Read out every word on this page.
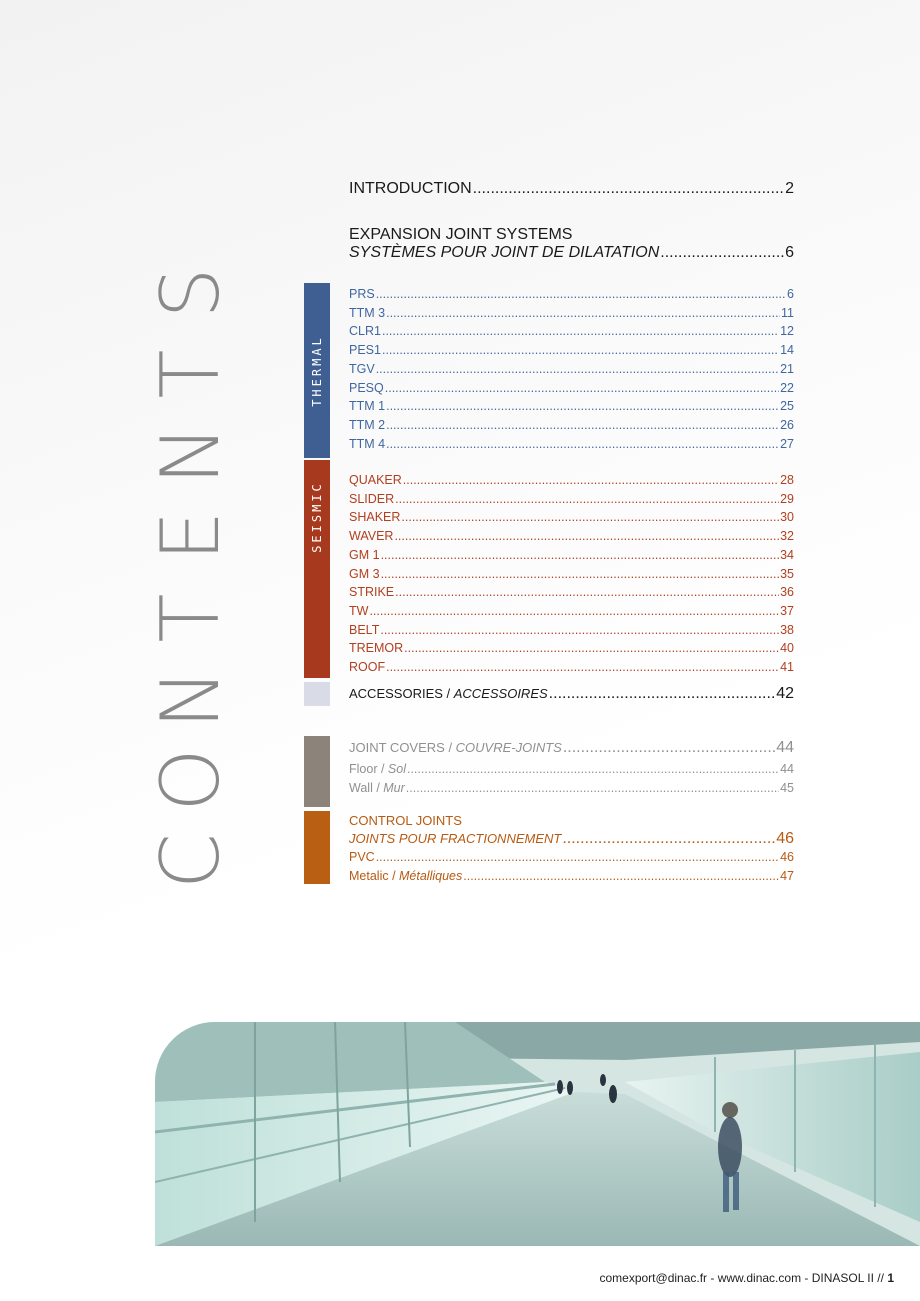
S
T
N
E
T
N
O
C
THERMAL
SEISMIC
INTRODUCTION .....	2
EXPANSION JOINT SYSTEMS
SYSTÈMES POUR JOINT DE DILATATION .....	6
PRS .....	6
TTM 3 .....	11
CLR1 .....	12
PES1 .....	14
TGV .....	21
PESQ .....	22
TTM 1 .....	25
TTM 2 .....	26
TTM 4 .....	27
QUAKER .....	28
SLIDER .....	29
SHAKER .....	30
WAVER .....	32
GM 1 .....	34
GM 3 .....	35
STRIKE .....	36
TW .....	37
BELT .....	38
TREMOR .....	40
ROOF .....	41
ACCESSORIES / ACCESSOIRES .....	42
JOINT COVERS / COUVRE-JOINTS .....	44
Floor / Sol .....	44
Wall / Mur .....	45
CONTROL JOINTS
JOINTS POUR FRACTIONNEMENT .....	46
PVC .....	46
Metalic / Métalliques .....	47
comexport@dinac.fr - www.dinac.com - DINASOL II // 1
